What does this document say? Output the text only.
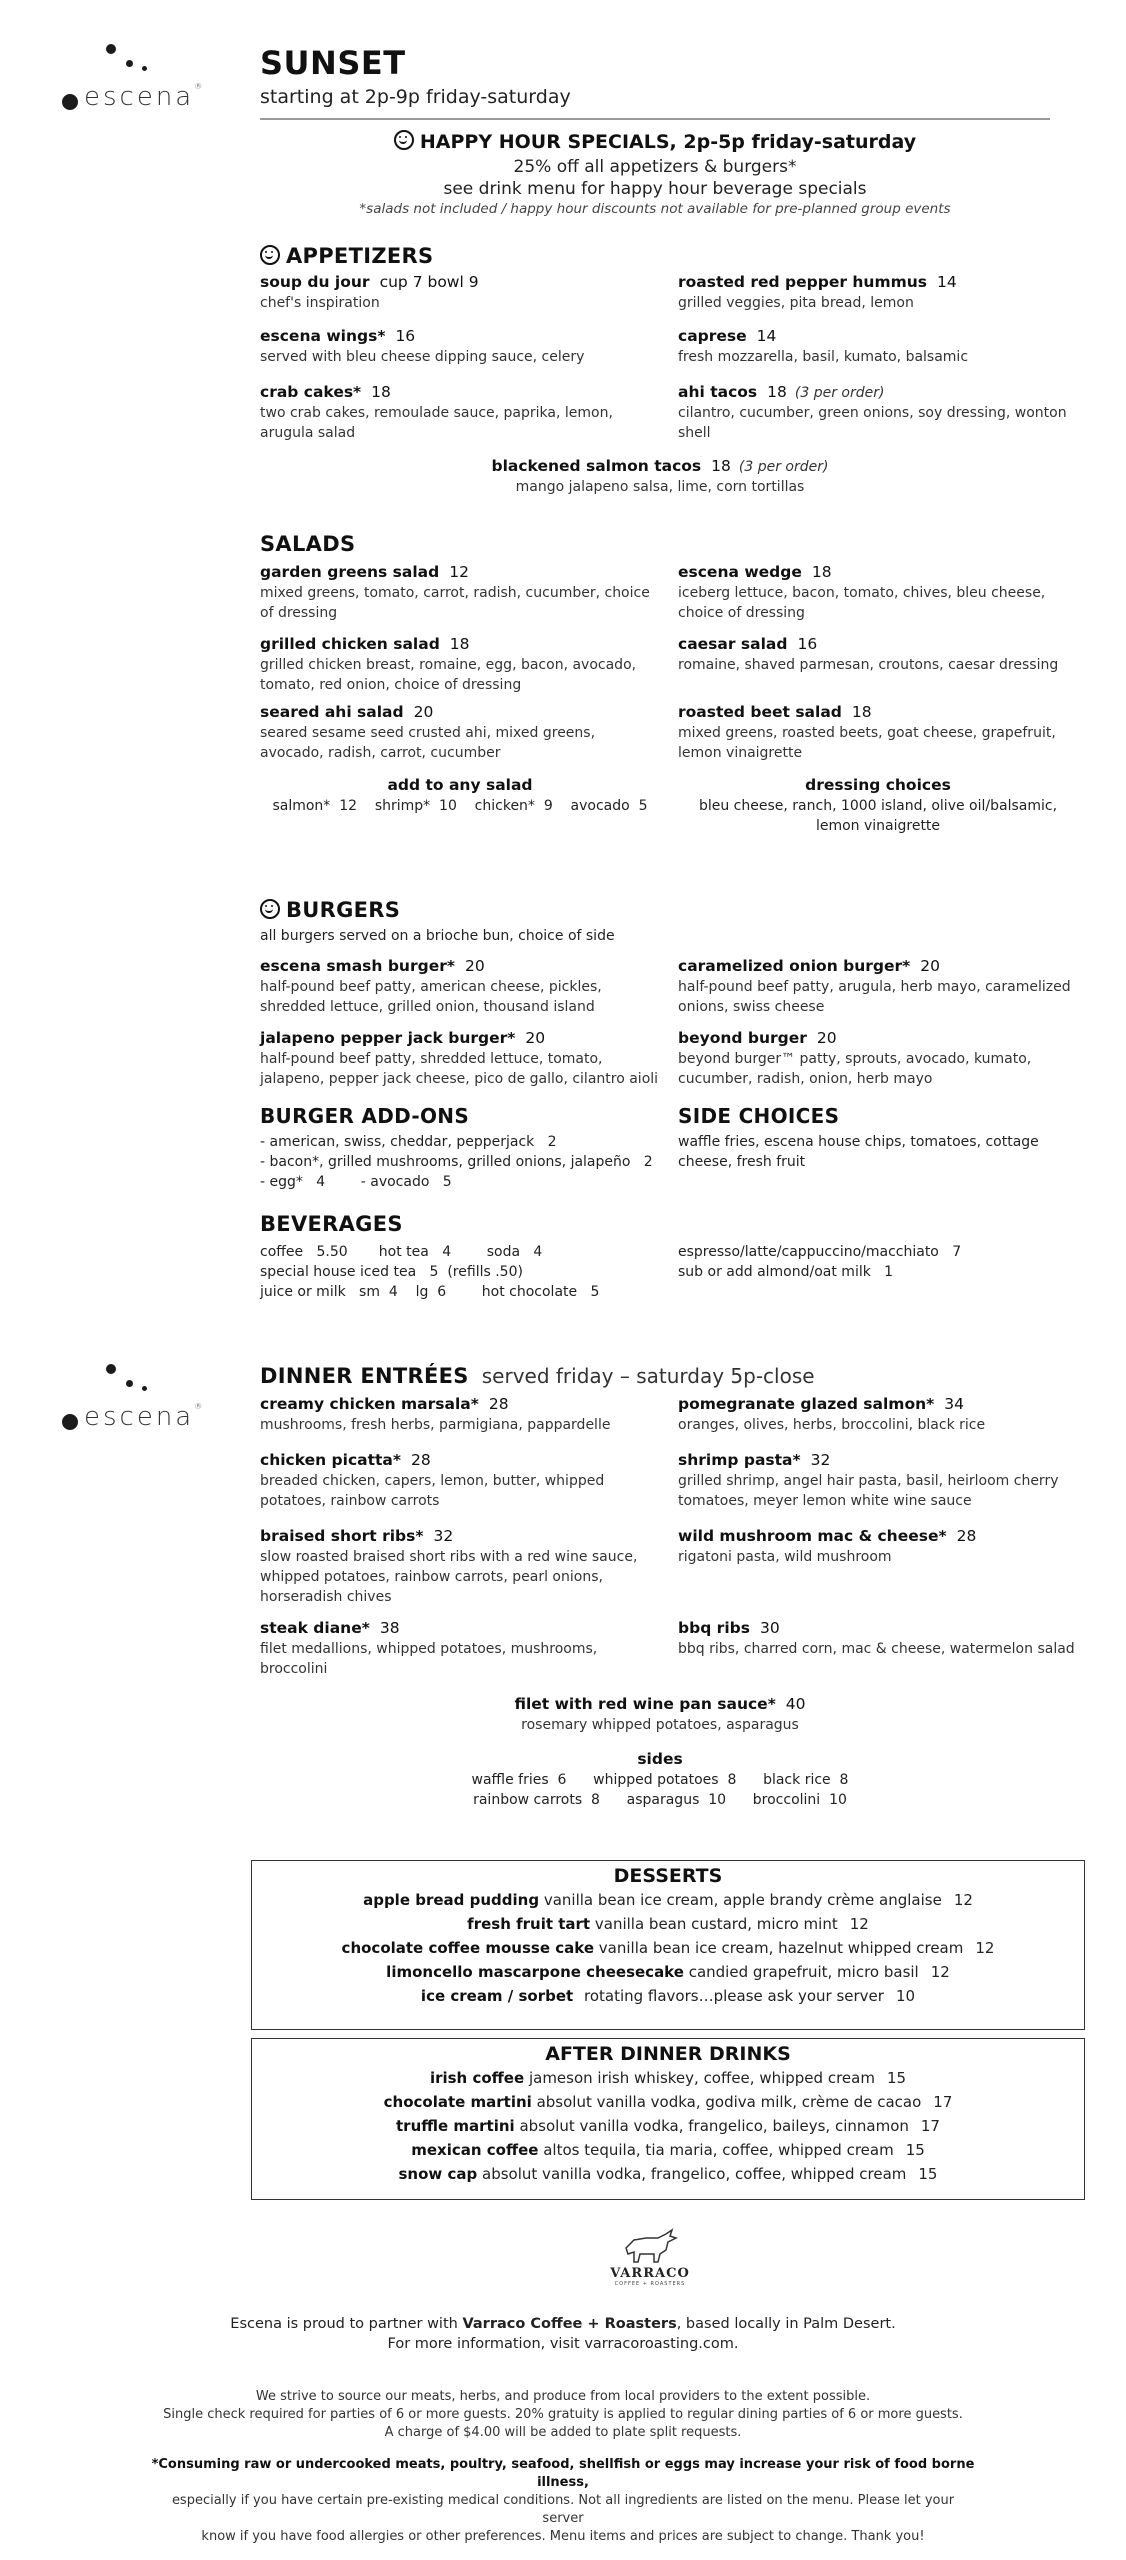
escena®
SUNSET
starting at 2p-9p friday-saturday
HAPPY HOUR SPECIALS, 2p-5p friday-saturday
25% off all appetizers & burgers*
see drink menu for happy hour beverage specials
*salads not included / happy hour discounts not available for pre-planned group events
APPETIZERS
soup du jour cup 7 bowl 9
chef's inspiration
roasted red pepper hummus 14
grilled veggies, pita bread, lemon
escena wings* 16
served with bleu cheese dipping sauce, celery
caprese 14
fresh mozzarella, basil, kumato, balsamic
crab cakes* 18
two crab cakes, remoulade sauce, paprika, lemon, arugula salad
ahi tacos 18 (3 per order)
cilantro, cucumber, green onions, soy dressing, wonton shell
blackened salmon tacos 18 (3 per order)
mango jalapeno salsa, lime, corn tortillas
SALADS
garden greens salad 12
mixed greens, tomato, carrot, radish, cucumber, choice of dressing
escena wedge 18
iceberg lettuce, bacon, tomato, chives, bleu cheese, choice of dressing
grilled chicken salad 18
grilled chicken breast, romaine, egg, bacon, avocado, tomato, red onion, choice of dressing
caesar salad 16
romaine, shaved parmesan, croutons, caesar dressing
seared ahi salad 20
seared sesame seed crusted ahi, mixed greens, avocado, radish, carrot, cucumber
roasted beet salad 18
mixed greens, roasted beets, goat cheese, grapefruit, lemon vinaigrette
add to any salad
salmon*  12    shrimp*  10    chicken*  9    avocado  5
dressing choices
bleu cheese, ranch, 1000 island, olive oil/balsamic, lemon vinaigrette
BURGERS
all burgers served on a brioche bun, choice of side
escena smash burger* 20
half-pound beef patty, american cheese, pickles, shredded lettuce, grilled onion, thousand island
caramelized onion burger* 20
half-pound beef patty, arugula, herb mayo, caramelized onions, swiss cheese
jalapeno pepper jack burger* 20
half-pound beef patty, shredded lettuce, tomato, jalapeno, pepper jack cheese, pico de gallo, cilantro aioli
beyond burger 20
beyond burger™ patty, sprouts, avocado, kumato, cucumber, radish, onion, herb mayo
BURGER ADD-ONS
- american, swiss, cheddar, pepperjack   2
- bacon*, grilled mushrooms, grilled onions, jalapeño   2
- egg*   4        - avocado   5
SIDE CHOICES
waffle fries, escena house chips, tomatoes, cottage cheese, fresh fruit
BEVERAGES
coffee   5.50       hot tea   4        soda   4
special house iced tea   5  (refills .50)
juice or milk   sm  4    lg  6        hot chocolate   5
espresso/latte/cappuccino/macchiato   7
sub or add almond/oat milk   1
escena®
DINNER ENTRÉES served friday – saturday 5p-close
creamy chicken marsala* 28
mushrooms, fresh herbs, parmigiana, pappardelle
pomegranate glazed salmon* 34
oranges, olives, herbs, broccolini, black rice
chicken picatta* 28
breaded chicken, capers, lemon, butter, whipped potatoes, rainbow carrots
shrimp pasta* 32
grilled shrimp, angel hair pasta, basil, heirloom cherry tomatoes, meyer lemon white wine sauce
braised short ribs* 32
slow roasted braised short ribs with a red wine sauce, whipped potatoes, rainbow carrots, pearl onions, horseradish chives
wild mushroom mac & cheese* 28
rigatoni pasta, wild mushroom
steak diane* 38
filet medallions, whipped potatoes, mushrooms, broccolini
bbq ribs 30
bbq ribs, charred corn, mac & cheese, watermelon salad
filet with red wine pan sauce* 40
rosemary whipped potatoes, asparagus
sides
waffle fries  6      whipped potatoes  8      black rice  8
rainbow carrots  8      asparagus  10      broccolini  10
DESSERTS
apple bread pudding vanilla bean ice cream, apple brandy crème anglaise 12
fresh fruit tart vanilla bean custard, micro mint 12
chocolate coffee mousse cake vanilla bean ice cream, hazelnut whipped cream 12
limoncello mascarpone cheesecake candied grapefruit, micro basil 12
ice cream / sorbet rotating flavors…please ask your server 10
AFTER DINNER DRINKS
irish coffee jameson irish whiskey, coffee, whipped cream 15
chocolate martini absolut vanilla vodka, godiva milk, crème de cacao 17
truffle martini absolut vanilla vodka, frangelico, baileys, cinnamon 17
mexican coffee altos tequila, tia maria, coffee, whipped cream 15
snow cap absolut vanilla vodka, frangelico, coffee, whipped cream 15
VARRACO
COFFEE + ROASTERS
Escena is proud to partner with Varraco Coffee + Roasters, based locally in Palm Desert.
For more information, visit varracoroasting.com.
We strive to source our meats, herbs, and produce from local providers to the extent possible.
Single check required for parties of 6 or more guests. 20% gratuity is applied to regular dining parties of 6 or more guests.
A charge of $4.00 will be added to plate split requests.
*Consuming raw or undercooked meats, poultry, seafood, shellfish or eggs may increase your risk of food borne illness,
especially if you have certain pre-existing medical conditions. Not all ingredients are listed on the menu. Please let your server
know if you have food allergies or other preferences. Menu items and prices are subject to change. Thank you!
